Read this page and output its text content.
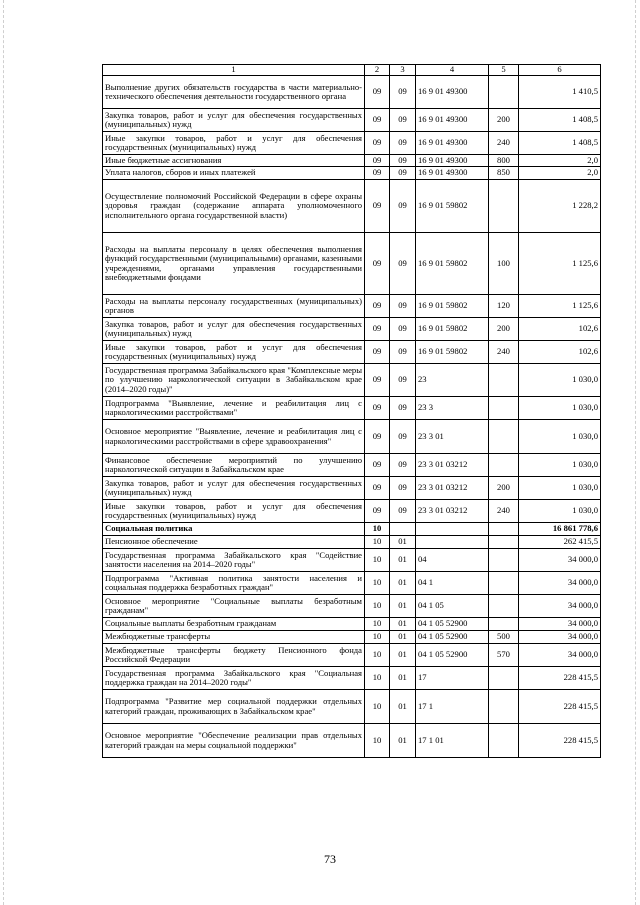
1	2	3	4	5	6
Выполнение других обязательств государства в части материально-технического обеспечения деятельности государственного органа	09	09	16 9 01 49300		1 410,5
Закупка товаров, работ и услуг для обеспечения государственных (муниципальных) нужд	09	09	16 9 01 49300	200	1 408,5
Иные закупки товаров, работ и услуг для обеспечения государственных (муниципальных) нужд	09	09	16 9 01 49300	240	1 408,5
Иные бюджетные ассигнования	09	09	16 9 01 49300	800	2,0
Уплата налогов, сборов и иных платежей	09	09	16 9 01 49300	850	2,0
Осуществление полномочий Российской Федерации в сфере охраны здоровья граждан (содержание аппарата уполномоченного исполнительного органа государственной власти)	09	09	16 9 01 59802		1 228,2
Расходы на выплаты персоналу в целях обеспечения выполнения функций государственными (муниципальными) органами, казенными учреждениями, органами управления государственными внебюджетными фондами	09	09	16 9 01 59802	100	1 125,6
Расходы на выплаты персоналу государственных (муниципальных) органов	09	09	16 9 01 59802	120	1 125,6
Закупка товаров, работ и услуг для обеспечения государственных (муниципальных) нужд	09	09	16 9 01 59802	200	102,6
Иные закупки товаров, работ и услуг для обеспечения государственных (муниципальных) нужд	09	09	16 9 01 59802	240	102,6
Государственная программа Забайкальского края "Комплексные меры по улучшению наркологической ситуации в Забайкальском крае (2014–2020 годы)"	09	09	23		1 030,0
Подпрограмма "Выявление, лечение и реабилитация лиц с наркологическими расстройствами"	09	09	23 3		1 030,0
Основное мероприятие "Выявление, лечение и реабилитация лиц с наркологическими расстройствами в сфере здравоохранения"	09	09	23 3 01		1 030,0
Финансовое обеспечение мероприятий по улучшению наркологической ситуации в Забайкальском крае	09	09	23 3 01 03212		1 030,0
Закупка товаров, работ и услуг для обеспечения государственных (муниципальных) нужд	09	09	23 3 01 03212	200	1 030,0
Иные закупки товаров, работ и услуг для обеспечения государственных (муниципальных) нужд	09	09	23 3 01 03212	240	1 030,0
Социальная политика	10				16 861 778,6
Пенсионное обеспечение	10	01			262 415,5
Государственная программа Забайкальского края "Содействие занятости населения на 2014–2020 годы"	10	01	04		34 000,0
Подпрограмма "Активная политика занятости населения и социальная поддержка безработных граждан"	10	01	04 1		34 000,0
Основное мероприятие "Социальные выплаты безработным гражданам"	10	01	04 1 05		34 000,0
Социальные выплаты безработным гражданам	10	01	04 1 05 52900		34 000,0
Межбюджетные трансферты	10	01	04 1 05 52900	500	34 000,0
Межбюджетные трансферты бюджету Пенсионного фонда Российской Федерации	10	01	04 1 05 52900	570	34 000,0
Государственная программа Забайкальского края "Социальная поддержка граждан на 2014–2020 годы"	10	01	17		228 415,5
Подпрограмма "Развитие мер социальной поддержки отдельных категорий граждан, проживающих в Забайкальском крае"	10	01	17 1		228 415,5
Основное мероприятие "Обеспечение реализации прав отдельных категорий граждан на меры социальной поддержки"	10	01	17 1 01		228 415,5
73
